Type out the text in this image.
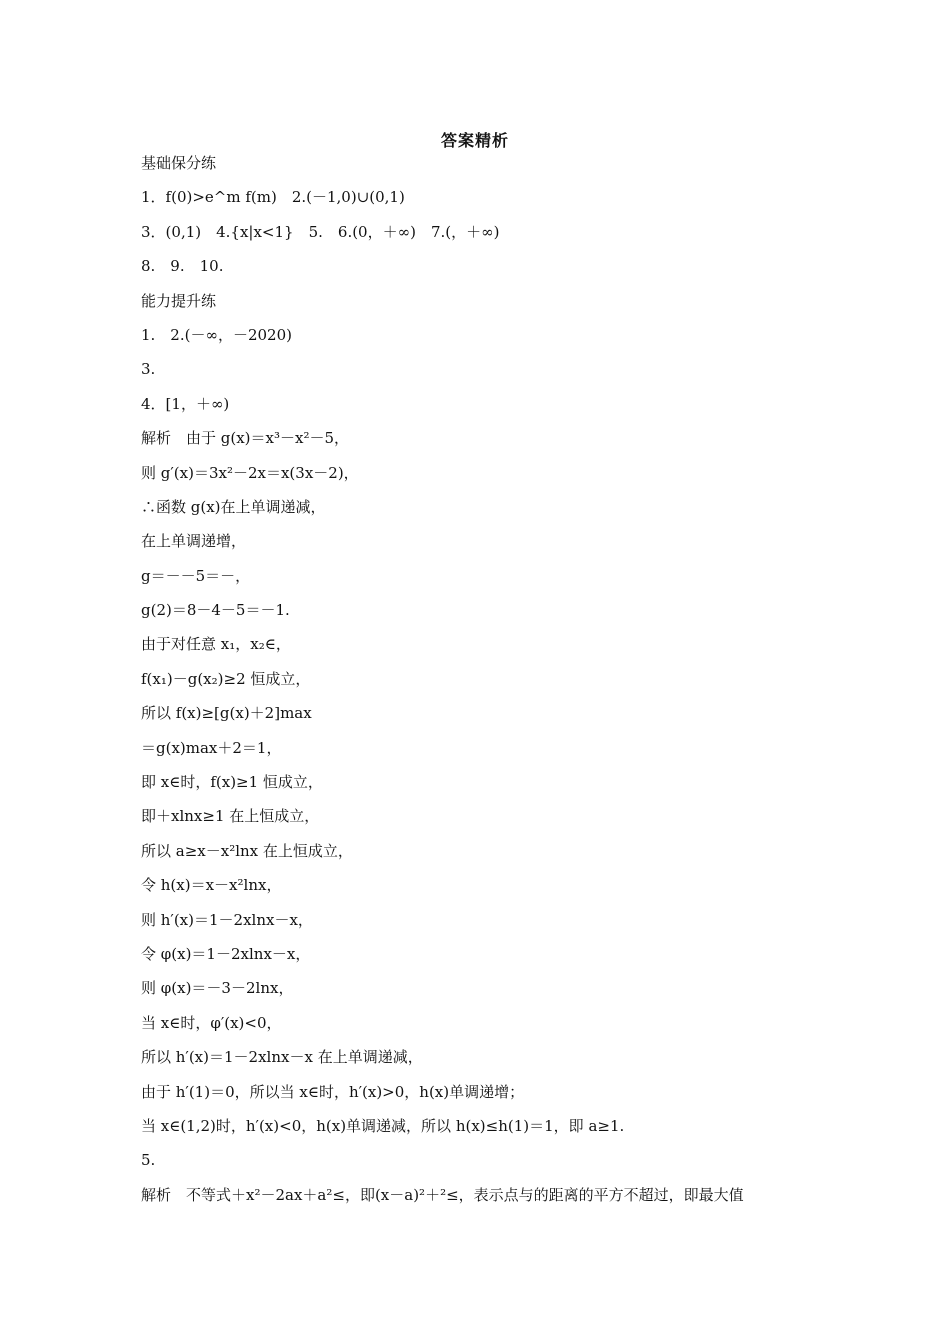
答案精析
基础保分练
1．f(0)>e^m f(m)　2.(－1,0)∪(0,1)
3．(0,1)　4.{x|x<1}　5.　6.(0，＋∞)　7.(，＋∞)
8.　9.　10.
能力提升练
1.　2.(－∞，－2020)
3.
4．[1，＋∞)
解析　由于 g(x)＝x³－x²－5，
则 g′(x)＝3x²－2x＝x(3x－2)，
∴函数 g(x)在上单调递减，
在上单调递增，
g＝－－5＝－，
g(2)＝8－4－5＝－1.
由于对任意 x₁，x₂∈，
f(x₁)－g(x₂)≥2 恒成立，
所以 f(x)≥[g(x)＋2]max
＝g(x)max＋2＝1，
即 x∈时，f(x)≥1 恒成立，
即＋xlnx≥1 在上恒成立，
所以 a≥x－x²lnx 在上恒成立，
令 h(x)＝x－x²lnx，
则 h′(x)＝1－2xlnx－x，
令 φ(x)＝1－2xlnx－x，
则 φ(x)＝－3－2lnx，
当 x∈时，φ′(x)<0，
所以 h′(x)＝1－2xlnx－x 在上单调递减，
由于 h′(1)＝0，所以当 x∈时，h′(x)>0，h(x)单调递增；
当 x∈(1,2)时，h′(x)<0，h(x)单调递减，所以 h(x)≤h(1)＝1，即 a≥1.
5.
解析　不等式＋x²－2ax＋a²≤，即(x－a)²＋²≤，表示点与的距离的平方不超过，即最大值
